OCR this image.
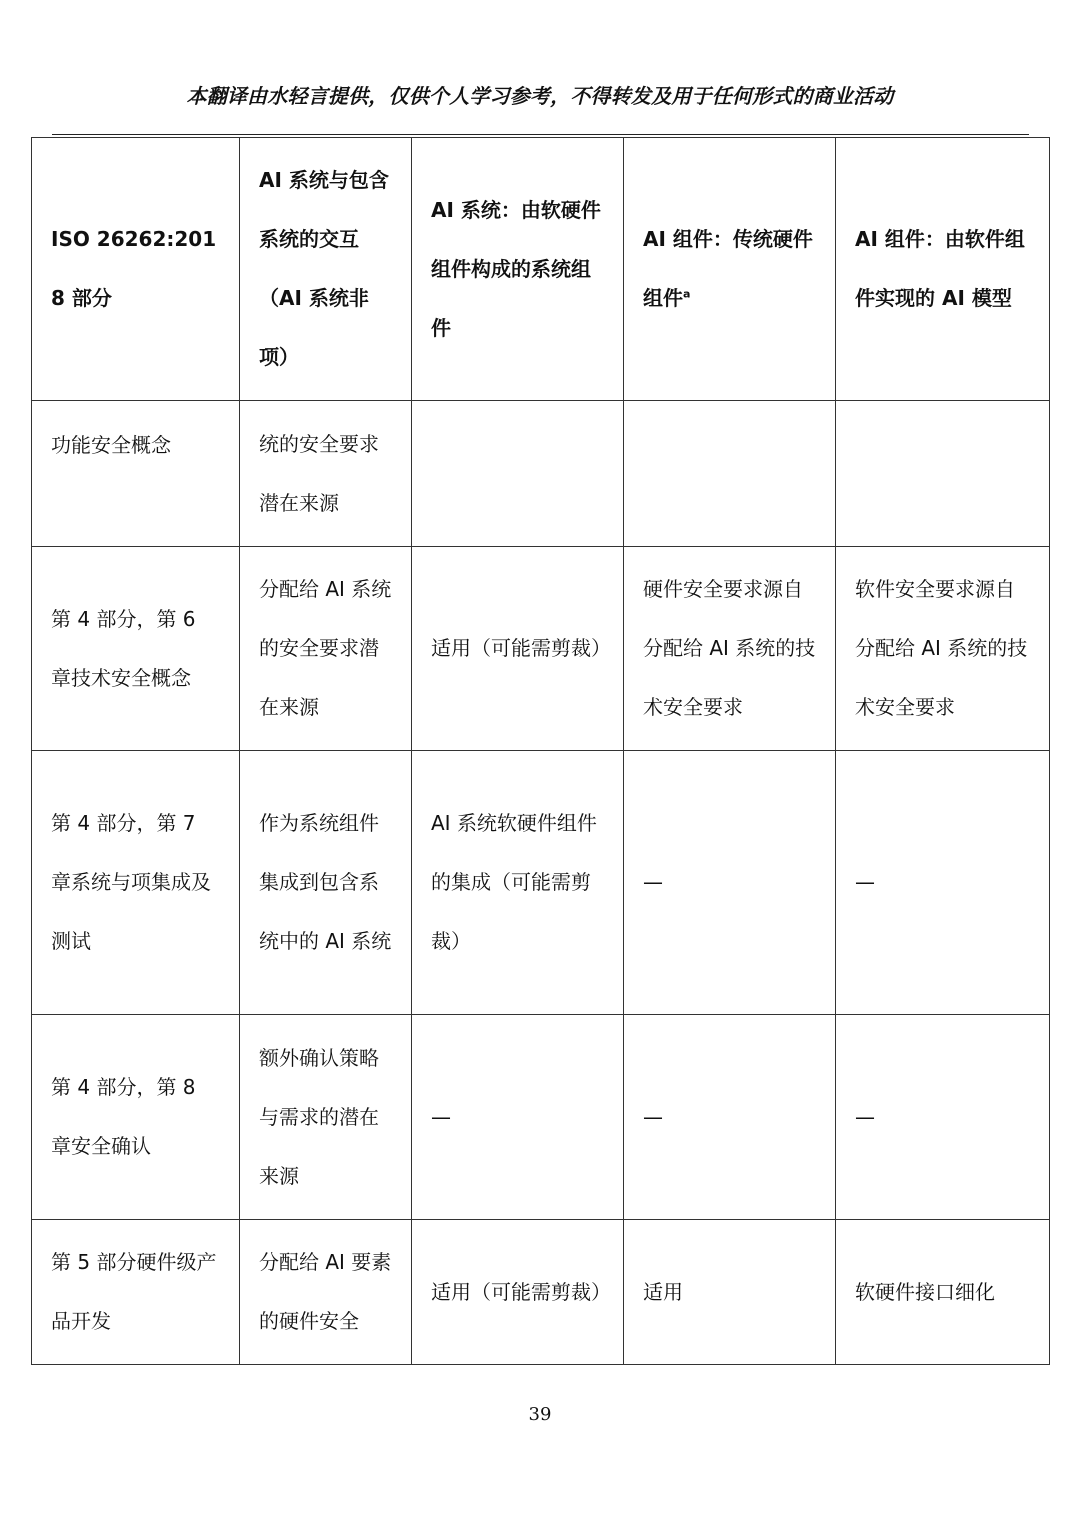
本翻译由水轻言提供，仅供个人学习参考，不得转发及用于任何形式的商业活动
ISO 26262:2018 部分	AI 系统与包含系统的交互（AI 系统非项）	AI 系统：由软硬件组件构成的系统组件	AI 组件：传统硬件组件$^a$	AI 组件：由软件组件实现的 AI 模型
功能安全概念	统的安全要求潜在来源			
第 4 部分，第 6 章技术安全概念	分配给 AI 系统的安全要求潜在来源	适用（可能需剪裁）	硬件安全要求源自分配给 AI 系统的技术安全要求	软件安全要求源自分配给 AI 系统的技术安全要求
第 4 部分，第 7 章系统与项集成及测试	作为系统组件集成到包含系统中的 AI 系统	AI 系统软硬件组件的集成（可能需剪裁）	—	—
第 4 部分，第 8 章安全确认	额外确认策略与需求的潜在来源	—	—	—
第 5 部分硬件级产品开发	分配给 AI 要素的硬件安全	适用（可能需剪裁）	适用	软硬件接口细化
39
